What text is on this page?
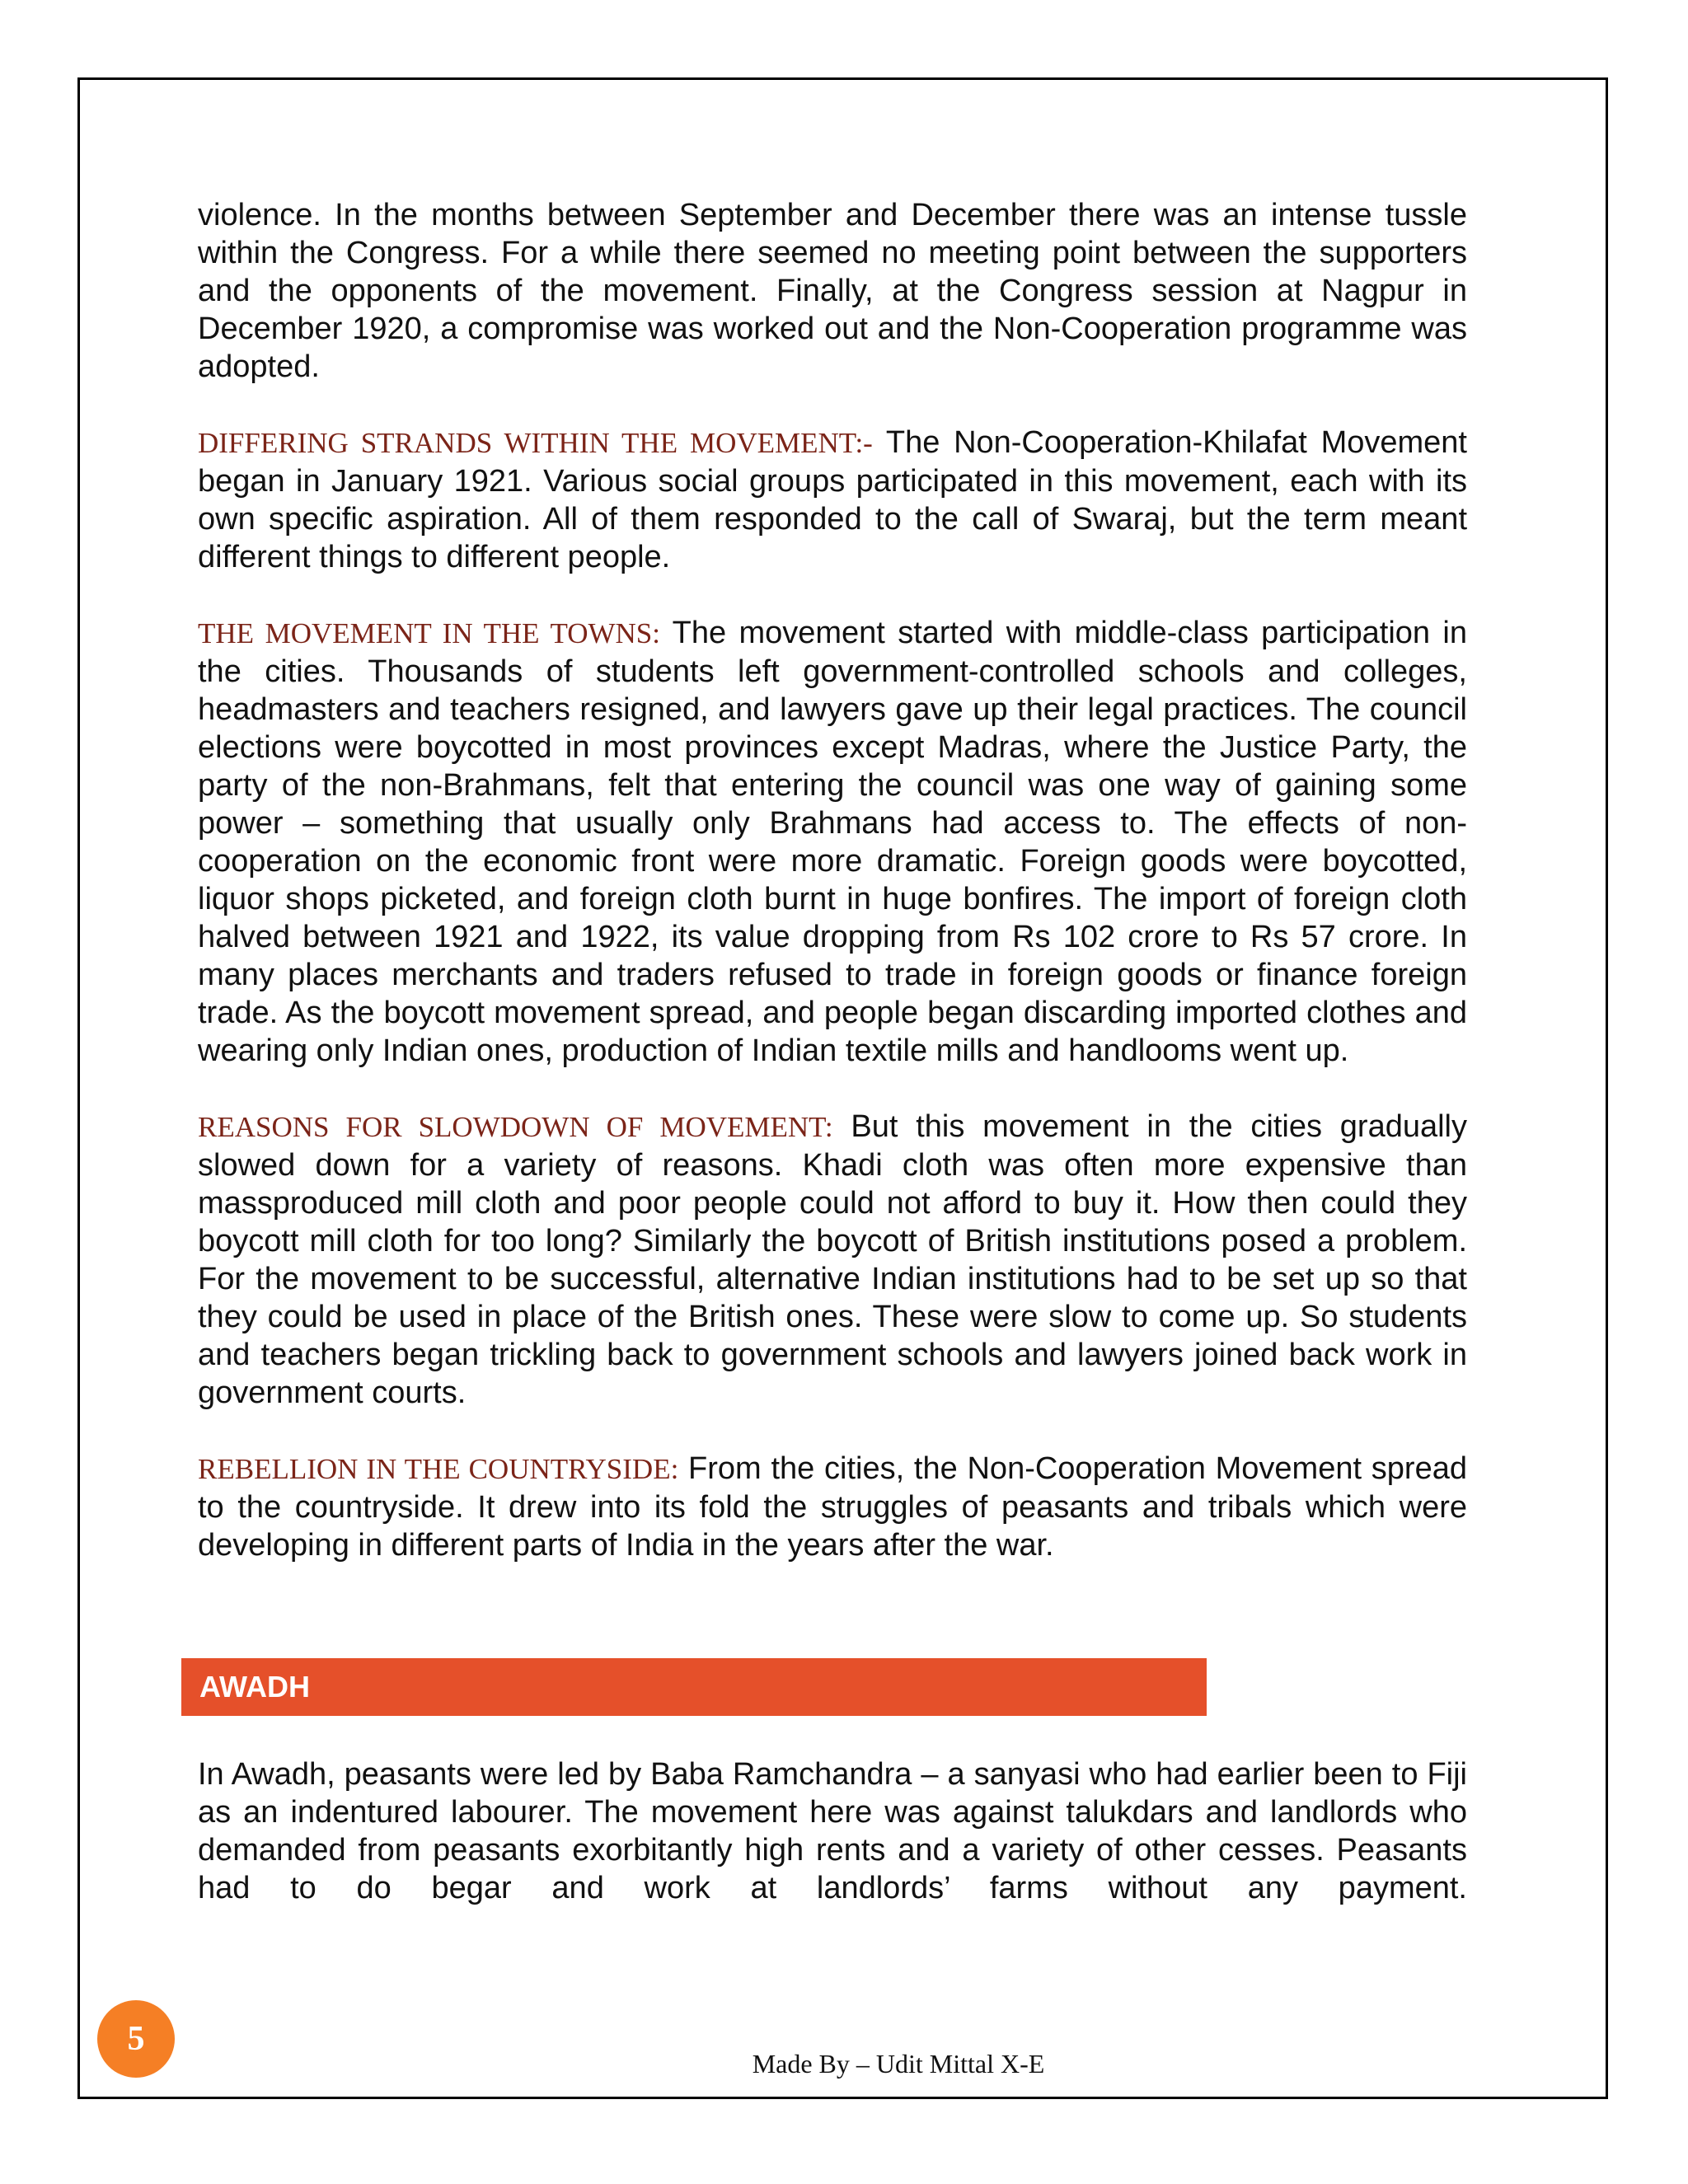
violence. In the months between September and December there was an intense tussle within the Congress. For a while there seemed no meeting point between the supporters and the opponents of the movement. Finally, at the Congress session at Nagpur in December 1920, a compromise was worked out and the Non-Cooperation programme was adopted.

DIFFERING STRANDS WITHIN THE MOVEMENT:- The Non-Cooperation-Khilafat Movement began in January 1921. Various social groups participated in this movement, each with its own specific aspiration. All of them responded to the call of Swaraj, but the term meant different things to different people.

THE MOVEMENT IN THE TOWNS: The movement started with middle-class participation in the cities. Thousands of students left government-controlled schools and colleges, headmasters and teachers resigned, and lawyers gave up their legal practices. The council elections were boycotted in most provinces except Madras, where the Justice Party, the party of the non-Brahmans, felt that entering the council was one way of gaining some power – something that usually only Brahmans had access to. The effects of non-cooperation on the economic front were more dramatic. Foreign goods were boycotted, liquor shops picketed, and foreign cloth burnt in huge bonfires. The import of foreign cloth halved between 1921 and 1922, its value dropping from Rs 102 crore to Rs 57 crore. In many places merchants and traders refused to trade in foreign goods or finance foreign trade. As the boycott movement spread, and people began discarding imported clothes and wearing only Indian ones, production of Indian textile mills and handlooms went up.

REASONS FOR SLOWDOWN OF MOVEMENT: But this movement in the cities gradually slowed down for a variety of reasons. Khadi cloth was often more expensive than massproduced mill cloth and poor people could not afford to buy it. How then could they boycott mill cloth for too long? Similarly the boycott of British institutions posed a problem. For the movement to be successful, alternative Indian institutions had to be set up so that they could be used in place of the British ones. These were slow to come up. So students and teachers began trickling back to government schools and lawyers joined back work in government courts.

REBELLION IN THE COUNTRYSIDE: From the cities, the Non-Cooperation Movement spread to the countryside. It drew into its fold the struggles of peasants and tribals which were developing in different parts of India in the years after the war.

AWADH

In Awadh, peasants were led by Baba Ramchandra – a sanyasi who had earlier been to Fiji as an indentured labourer. The movement here was against talukdars and landlords who demanded from peasants exorbitantly high rents and a variety of other cesses. Peasants had to do begar and work at landlords’ farms without any payment.

5
Made By – Udit Mittal X-E
